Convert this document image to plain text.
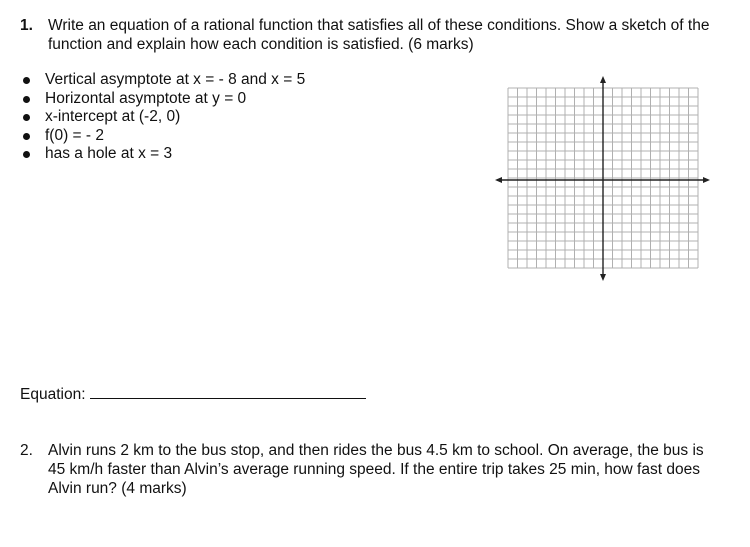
1. Write an equation of a rational function that satisfies all of these conditions. Show a sketch of the
function and explain how each condition is satisfied. (6 marks)
Vertical asymptote at x = - 8 and x = 5
Horizontal asymptote at y = 0
x-intercept at (-2, 0)
f(0) = - 2
has a hole at x = 3
Equation:
2. Alvin runs 2 km to the bus stop, and then rides the bus 4.5 km to school. On average, the bus is
45 km/h faster than Alvin’s average running speed. If the entire trip takes 25 min, how fast does
Alvin run? (4 marks)
